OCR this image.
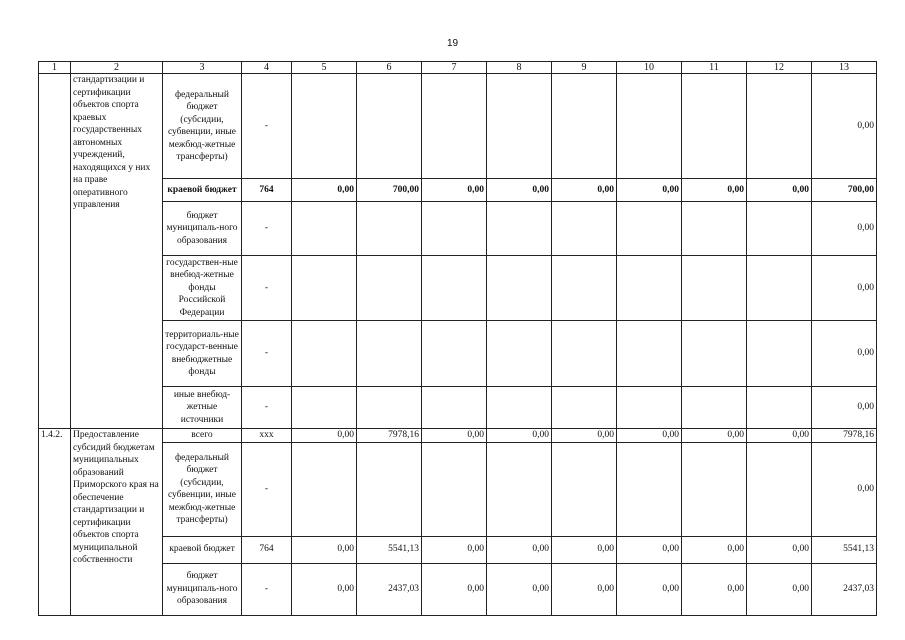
19
1	2	3	4	5	6	7	8	9	10	11	12	13
	стандартизации и сертификации объектов спорта краевых государственных автономных учреждений, находящихся у них на праве оперативного управления	федеральный бюджет (субсидии, субвенции, иные межбюд-жетные трансферты)	-									0,00
		краевой бюджет	764	0,00	700,00	0,00	0,00	0,00	0,00	0,00	0,00	700,00
		бюджет муниципаль-ного образования	-									0,00
		государствен-ные внебюд-жетные фонды Российской Федерации	-									0,00
		территориаль-ные государст-венные внебюджетные фонды	-									0,00
		иные внебюд-жетные источники	-									0,00
1.4.2.	Предоставление субсидий бюджетам муниципальных образований Приморского края на обеспечение стандартизации и сертификации объектов спорта муниципальной собственности	всего	xxx	0,00	7978,16	0,00	0,00	0,00	0,00	0,00	0,00	7978,16
		федеральный бюджет (субсидии, субвенции, иные межбюд-жетные трансферты)	-									0,00
		краевой бюджет	764	0,00	5541,13	0,00	0,00	0,00	0,00	0,00	0,00	5541,13
		бюджет муниципаль-ного образования	-	0,00	2437,03	0,00	0,00	0,00	0,00	0,00	0,00	2437,03
